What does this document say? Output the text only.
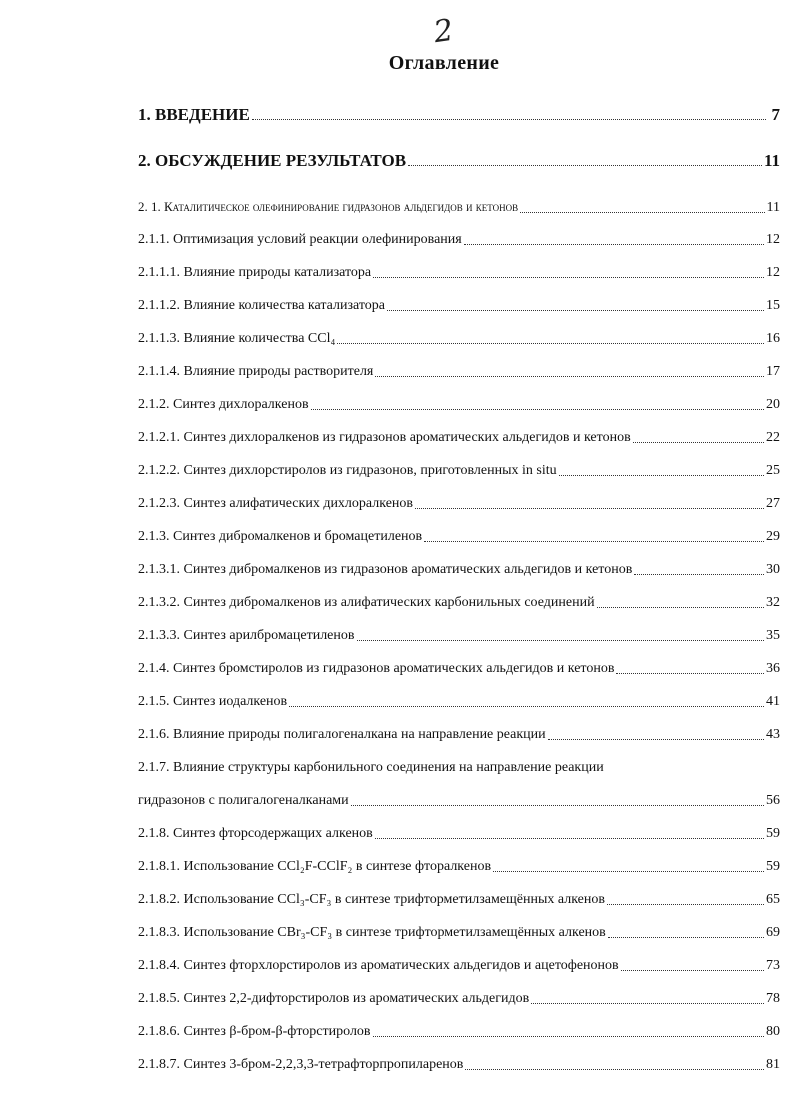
2
Оглавление
1. ВВЕДЕНИЕ	7
2. ОБСУЖДЕНИЕ РЕЗУЛЬТАТОВ	11
2. 1. Каталитическое олефинирование гидразонов альдегидов и кетонов	11
2.1.1. Оптимизация условий реакции олефинирования	12
2.1.1.1. Влияние природы катализатора	12
2.1.1.2. Влияние количества катализатора	15
2.1.1.3. Влияние количества CCl₄	16
2.1.1.4. Влияние природы растворителя	17
2.1.2. Синтез дихлоралкенов	20
2.1.2.1. Синтез дихлоралкенов из гидразонов ароматических альдегидов и кетонов	22
2.1.2.2. Синтез дихлорстиролов из гидразонов, приготовленных in situ	25
2.1.2.3. Синтез алифатических дихлоралкенов	27
2.1.3. Синтез дибромалкенов и бромацетиленов	29
2.1.3.1. Синтез дибромалкенов из гидразонов ароматических альдегидов и кетонов	30
2.1.3.2. Синтез дибромалкенов из алифатических карбонильных соединений	32
2.1.3.3. Синтез арилбромацетиленов	35
2.1.4. Синтез бромстиролов из гидразонов ароматических альдегидов и кетонов	36
2.1.5. Синтез иодалкенов	41
2.1.6. Влияние природы полигалогеналкана на направление реакции	43
2.1.7. Влияние структуры карбонильного соединения на направление реакции
гидразонов с полигалогеналканами	56
2.1.8. Синтез фторсодержащих алкенов	59
2.1.8.1. Использование CCl₂F-CClF₂ в синтезе фторалкенов	59
2.1.8.2. Использование CCl₃-CF₃ в синтезе трифторметилзамещённых алкенов	65
2.1.8.3. Использование CBr₃-CF₃ в синтезе трифторметилзамещённых алкенов	69
2.1.8.4. Синтез фторхлорстиролов из ароматических альдегидов и ацетофенонов	73
2.1.8.5. Синтез 2,2-дифторстиролов из ароматических альдегидов	78
2.1.8.6. Синтез β-бром-β-фторстиролов	80
2.1.8.7. Синтез 3-бром-2,2,3,3-тетрафторпропиларенов	81
